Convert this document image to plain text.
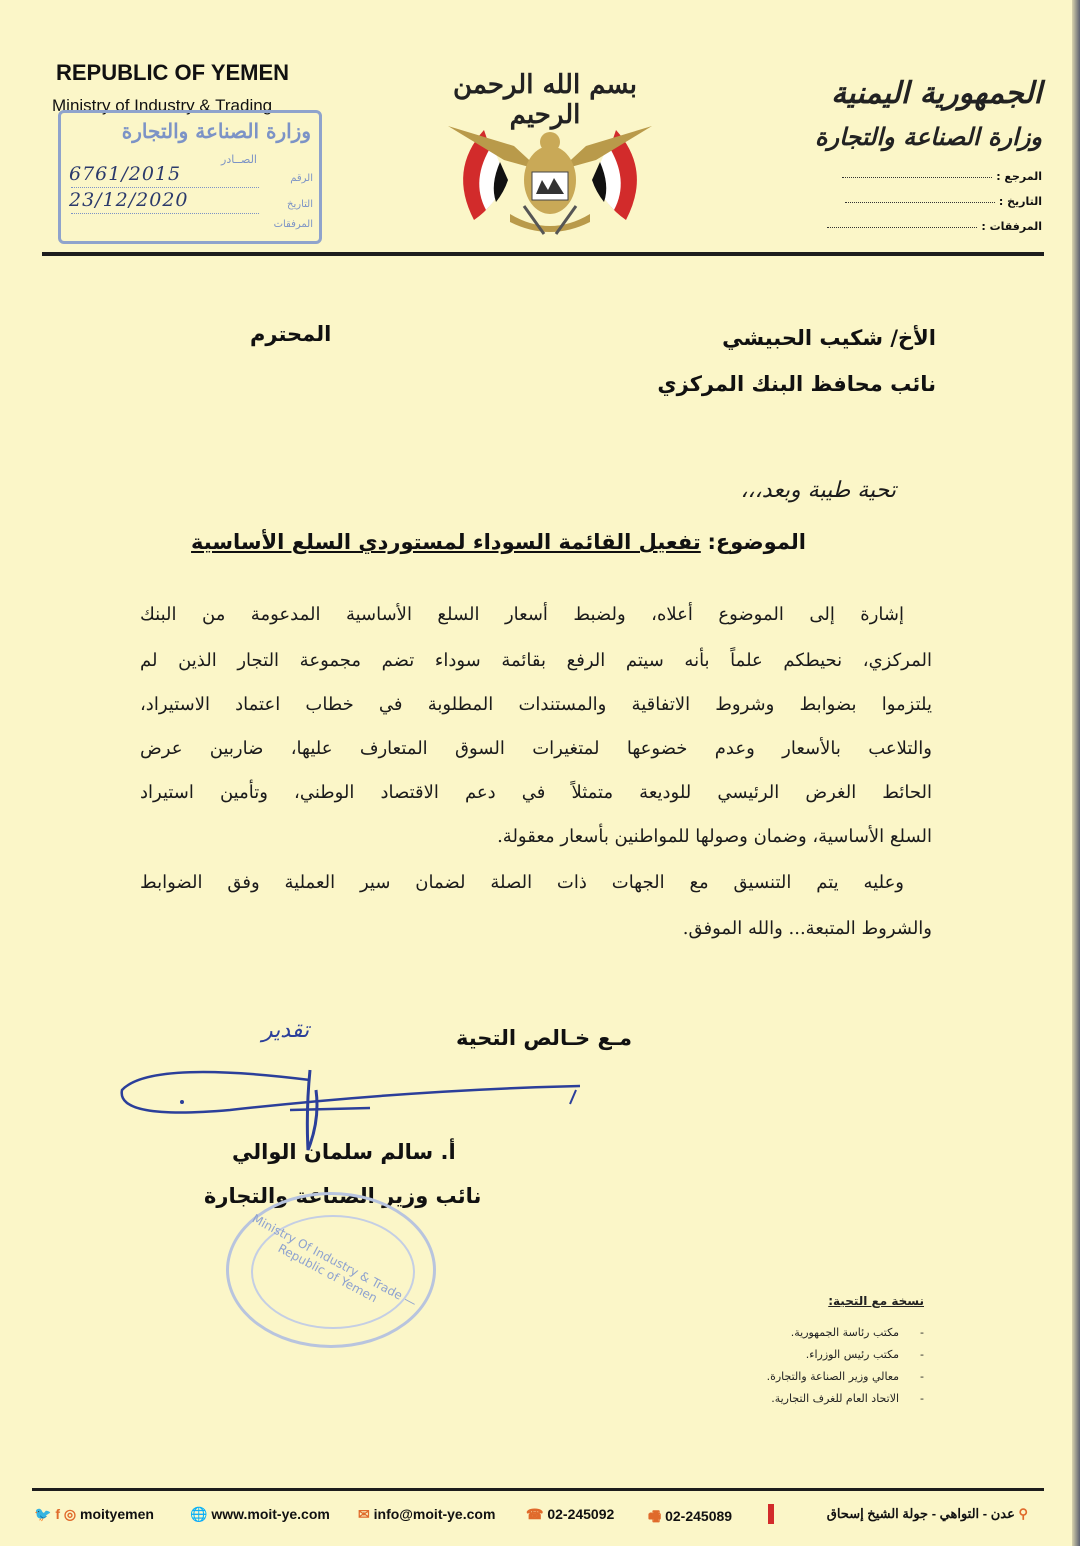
REPUBLIC OF YEMEN
Ministry of Industry & Trading
وزارة الصناعة والتجارة
الصــادر
الرقم
6761/2015
التاريخ
23/12/2020
المرفقات
بسم الله الرحمن الرحيم
الجمهورية اليمنية
وزارة الصناعة والتجارة
المرجع :
التاريخ :
المرفقات :
الأخ/ شكيب الحبيشي
المحترم
نائب محافظ البنك المركزي
تحية طيبة وبعد،،،
الموضوع: تفعيل القائمة السوداء لمستوردي السلع الأساسية
إشارة إلى الموضوع أعلاه، ولضبط أسعار السلع الأساسية المدعومة من البنك
المركزي، نحيطكم علماً بأنه سيتم الرفع بقائمة سوداء تضم مجموعة التجار الذين لم
يلتزموا بضوابط وشروط الاتفاقية والمستندات المطلوبة في خطاب اعتماد الاستيراد،
والتلاعب بالأسعار وعدم خضوعها لمتغيرات السوق المتعارف عليها، ضاربين عرض
الحائط الغرض الرئيسي للوديعة متمثلاً في دعم الاقتصاد الوطني، وتأمين استيراد
السلع الأساسية، وضمان وصولها للمواطنين بأسعار معقولة.
وعليه يتم التنسيق مع الجهات ذات الصلة لضمان سير العملية وفق الضوابط
والشروط المتبعة... والله الموفق.
مـع خـالص التحية
تقدير
أ. سالم سلمان الوالي
نائب وزير الصناعة والتجارة
Ministry Of Industry & Trade — Republic of Yemen	نسخة مع التحية:
-      مكتب رئاسة الجمهورية.
-      مكتب رئيس الوزراء.
-      معالي وزير الصناعة والتجارة.
-      الاتحاد العام للغرف التجارية.
🐦 f ◎ moityemen	🌐 www.moit-ye.com ✉ info@moit-ye.com ☎ 02-245092 🖷 02-245089	⚲ عدن - التواهي - جولة الشيخ إسحاق
